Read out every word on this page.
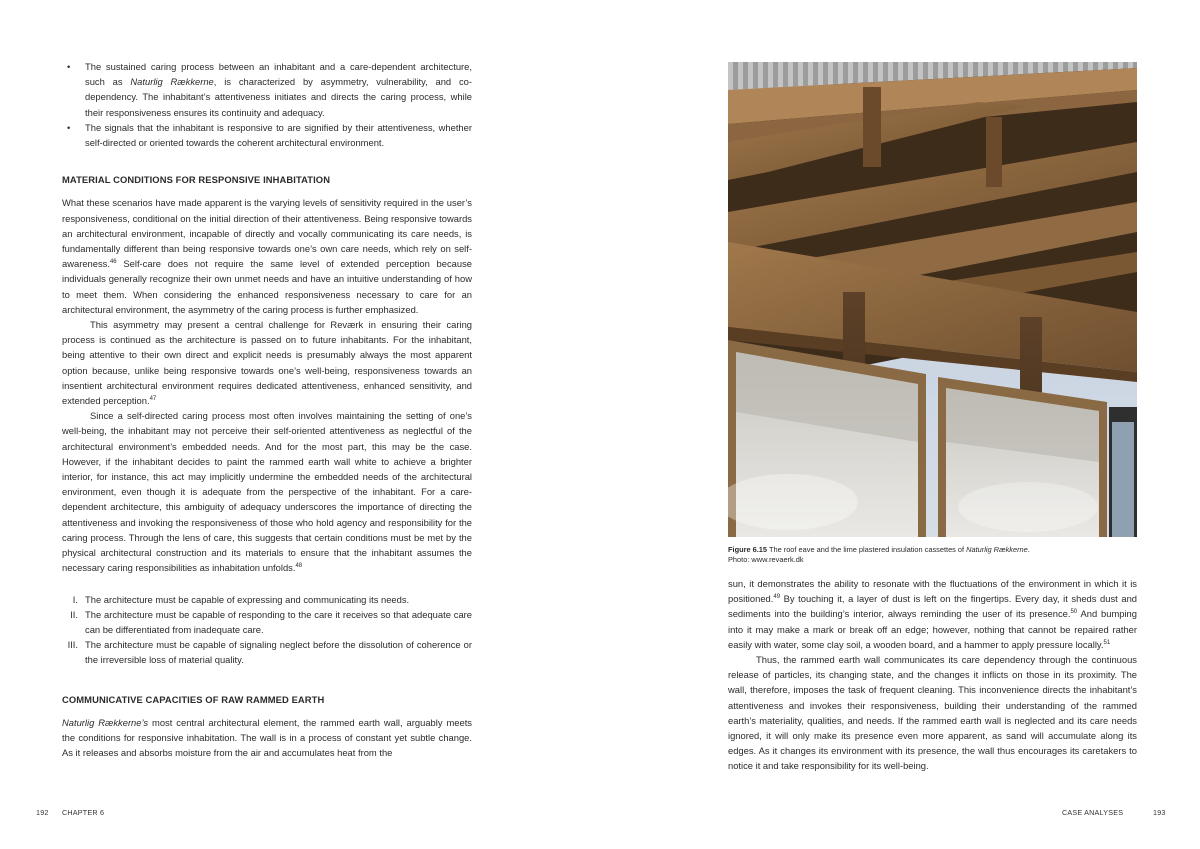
• The sustained caring process between an inhabitant and a care-dependent architecture, such as Naturlig Rækkerne, is characterized by asymmetry, vulnerability, and co-dependency. The inhabitant’s attentiveness initiates and directs the caring process, while their responsiveness ensures its continuity and adequacy.
• The signals that the inhabitant is responsive to are signified by their attentiveness, whether self-directed or oriented towards the coherent architectural environment.
MATERIAL CONDITIONS FOR RESPONSIVE INHABITATION

What these scenarios have made apparent is the varying levels of sensitivity required in the user’s responsiveness, conditional on the initial direction of their attentiveness. Being responsive towards an architectural environment, incapable of directly and vocally communicating its care needs, is fundamentally different than being responsive towards one’s own care needs, which rely on self-awareness.$^{46}$ Self-care does not require the same level of extended perception because individuals generally recognize their own unmet needs and have an intuitive understanding of how to meet them. When considering the enhanced responsiveness necessary to care for an architectural environment, the asymmetry of the caring process is further emphasized.

This asymmetry may present a central challenge for Reværk in ensuring their caring process is continued as the architecture is passed on to future inhabitants. For the inhabitant, being attentive to their own direct and explicit needs is presumably always the most apparent option because, unlike being responsive towards one’s well-being, responsiveness towards an insentient architectural environment requires dedicated attentiveness, enhanced sensitivity, and extended perception.$^{47}$

Since a self-directed caring process most often involves maintaining the setting of one’s well-being, the inhabitant may not perceive their self-oriented attentiveness as neglectful of the architectural environment’s embedded needs. And for the most part, this may be the case. However, if the inhabitant decides to paint the rammed earth wall white to achieve a brighter interior, for instance, this act may implicitly undermine the embedded needs of the architectural environment, even though it is adequate from the perspective of the inhabitant. For a care-dependent architecture, this ambiguity of adequacy underscores the importance of directing the attentiveness and invoking the responsiveness of those who hold agency and responsibility for the caring process. Through the lens of care, this suggests that certain conditions must be met by the physical architectural construction and its materials to ensure that the inhabitant assumes the necessary caring responsibilities as inhabitation unfolds.$^{48}$

I. The architecture must be capable of expressing and communicating its needs.
II. The architecture must be capable of responding to the care it receives so that adequate care can be differentiated from inadequate care.
III. The architecture must be capable of signaling neglect before the dissolution of coherence or the irreversible loss of material quality.
COMMUNICATIVE CAPACITIES OF RAW RAMMED EARTH

Naturlig Rækkerne’s most central architectural element, the rammed earth wall, arguably meets the conditions for responsive inhabitation. The wall is in a process of constant yet subtle change. As it releases and absorbs moisture from the air and accumulates heat from the

192 CHAPTER 6
Figure 6.15 The roof eave and the lime plastered insulation cassettes of Naturlig Rækkerne.
Photo: www.revaerk.dk

sun, it demonstrates the ability to resonate with the fluctuations of the environment in which it is positioned.$^{49}$ By touching it, a layer of dust is left on the fingertips. Every day, it sheds dust and sediments into the building’s interior, always reminding the user of its presence.$^{50}$ And bumping into it may make a mark or break off an edge; however, nothing that cannot be repaired rather easily with water, some clay soil, a wooden board, and a hammer to apply pressure locally.$^{51}$

Thus, the rammed earth wall communicates its care dependency through the continuous release of particles, its changing state, and the changes it inflicts on those in its proximity. The wall, therefore, imposes the task of frequent cleaning. This inconvenience directs the inhabitant’s attentiveness and invokes their responsiveness, building their understanding of the rammed earth’s materiality, qualities, and needs. If the rammed earth wall is neglected and its care needs ignored, it will only make its presence even more apparent, as sand will accumulate along its edges. As it changes its environment with its presence, the wall thus encourages its caretakers to notice it and take responsibility for its well-being.

CASE ANALYSES	193
